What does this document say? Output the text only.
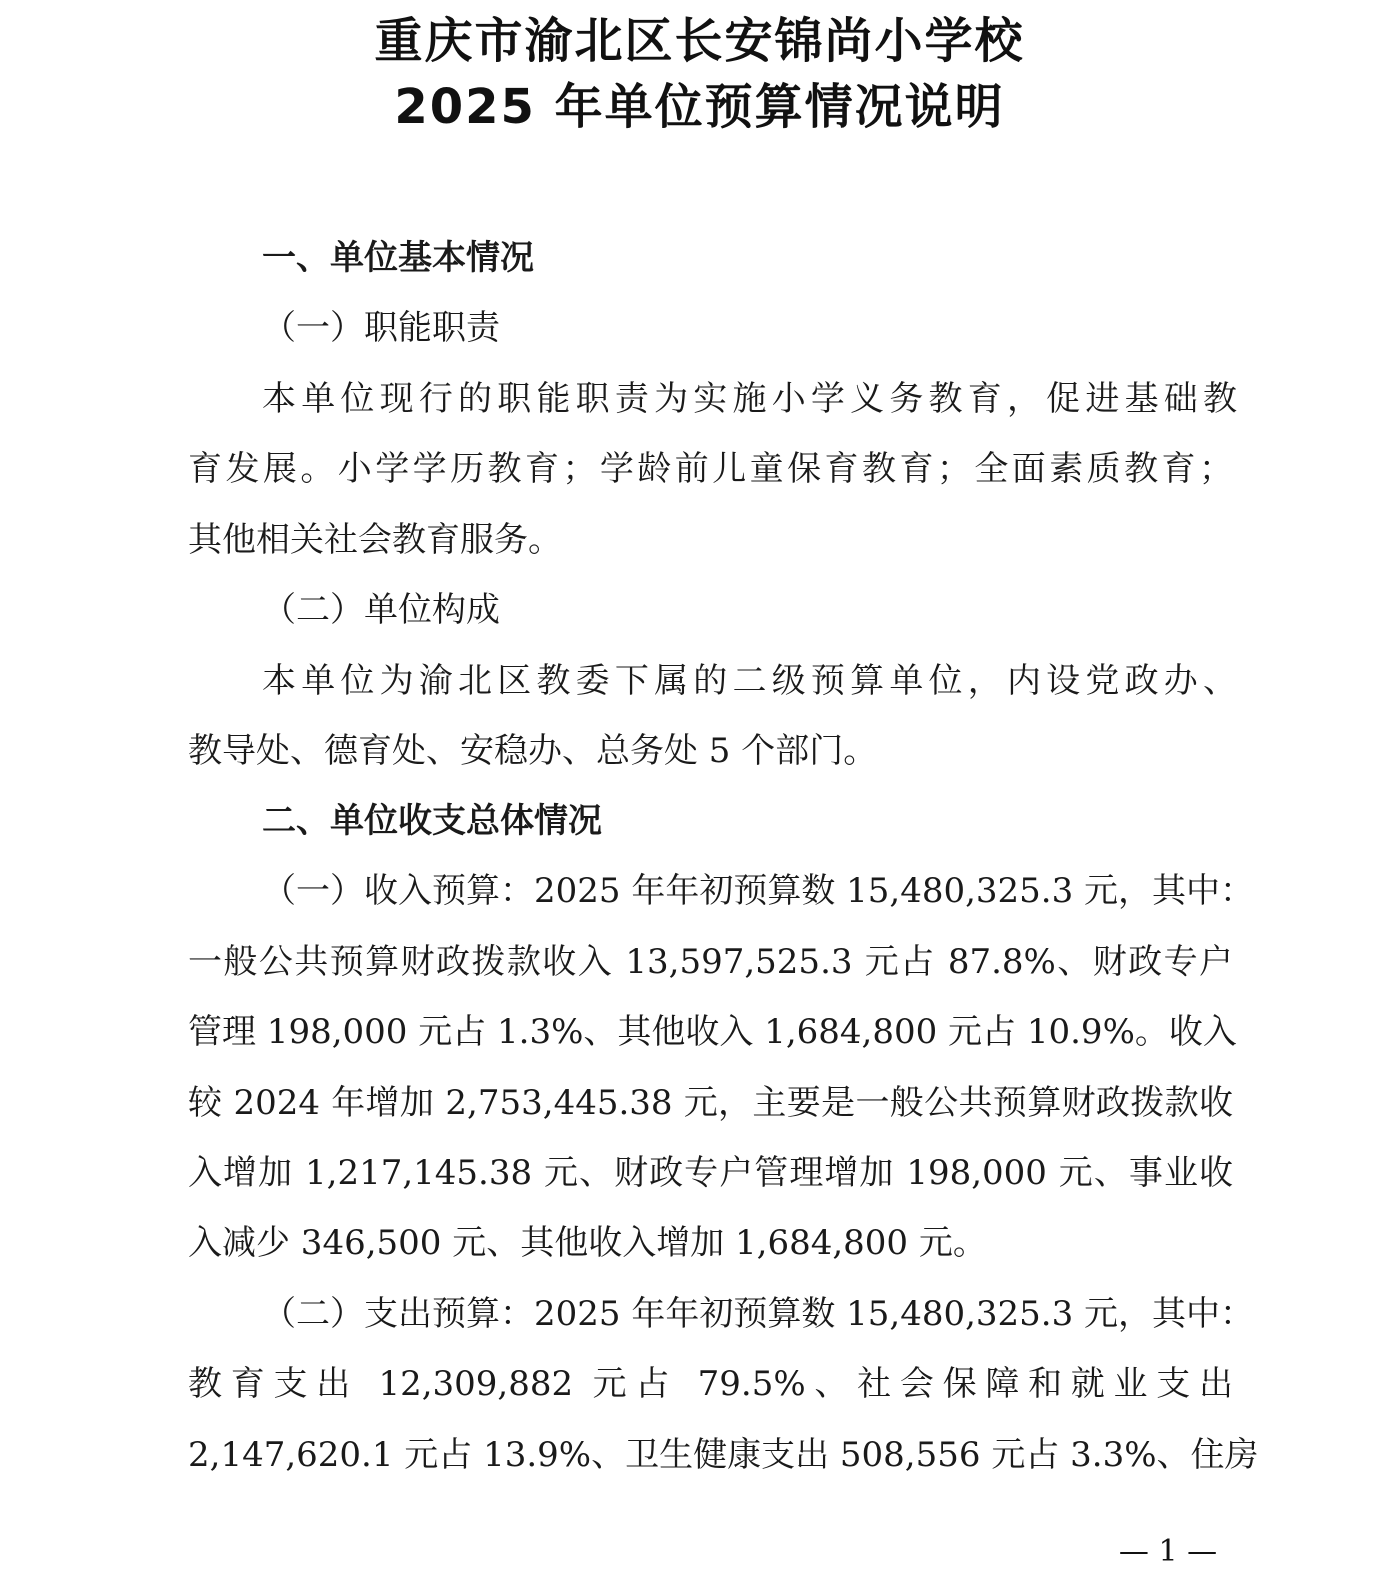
重庆市渝北区长安锦尚小学校
2025 年单位预算情况说明
一、单位基本情况
（一）职能职责
本单位现行的职能职责为实施小学义务教育，促进基础教
育发展。小学学历教育；学龄前儿童保育教育；全面素质教育；
其他相关社会教育服务。
（二）单位构成
本单位为渝北区教委下属的二级预算单位，内设党政办、
教导处、德育处、安稳办、总务处 5 个部门。
二、单位收支总体情况
（一）收入预算：2025 年年初预算数 15,480,325.3 元，其中：
一般公共预算财政拨款收入 13,597,525.3 元占 87.8%、财政专户
管理 198,000 元占 1.3%、其他收入 1,684,800 元占 10.9%。收入
较 2024 年增加 2,753,445.38 元，主要是一般公共预算财政拨款收
入增加 1,217,145.38 元、财政专户管理增加 198,000 元、事业收
入减少 346,500 元、其他收入增加 1,684,800 元。
（二）支出预算：2025 年年初预算数 15,480,325.3 元，其中：
教育支出 12,309,882 元占 79.5%、社会保障和就业支出
2,147,620.1 元占 13.9%、卫生健康支出 508,556 元占 3.3%、住房
— 1 —
